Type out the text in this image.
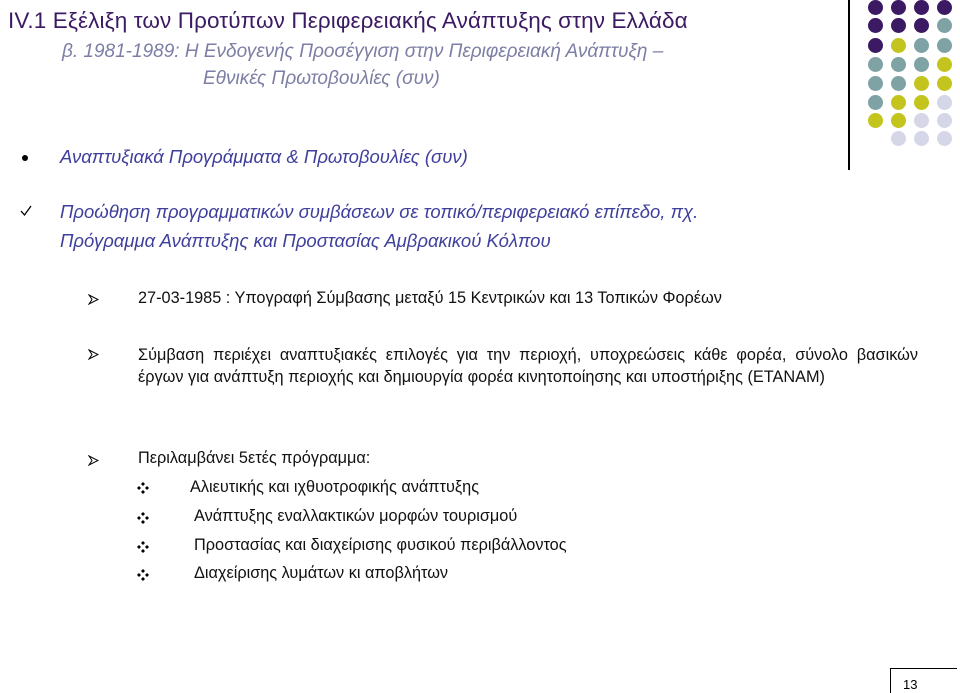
IV.1 Εξέλιξη των Προτύπων Περιφερειακής Ανάπτυξης στην Ελλάδα
β. 1981-1989: Η Ενδογενής Προσέγγιση στην Περιφερειακή Ανάπτυξη –
Εθνικές Πρωτοβουλίες (συν)
Αναπτυξιακά Προγράμματα & Πρωτοβουλίες (συν)
Προώθηση προγραμματικών συμβάσεων σε τοπικό/περιφερειακό επίπεδο, πχ.
Πρόγραμμα Ανάπτυξης και Προστασίας Αμβρακικού Κόλπου
27-03-1985 : Υπογραφή Σύμβασης μεταξύ 15 Κεντρικών και 13 Τοπικών Φορέων
Σύμβαση περιέχει αναπτυξιακές επιλογές για την περιοχή, υποχρεώσεις κάθε φορέα, σύνολο βασικών έργων για ανάπτυξη περιοχής και δημιουργία φορέα κινητοποίησης και υποστήριξης (ΕΤΑΝΑΜ)
Περιλαμβάνει 5ετές πρόγραμμα:
Αλιευτικής και ιχθυοτροφικής ανάπτυξης
Ανάπτυξης εναλλακτικών μορφών τουρισμού
Προστασίας και διαχείρισης φυσικού περιβάλλοντος
Διαχείρισης λυμάτων κι αποβλήτων
13
